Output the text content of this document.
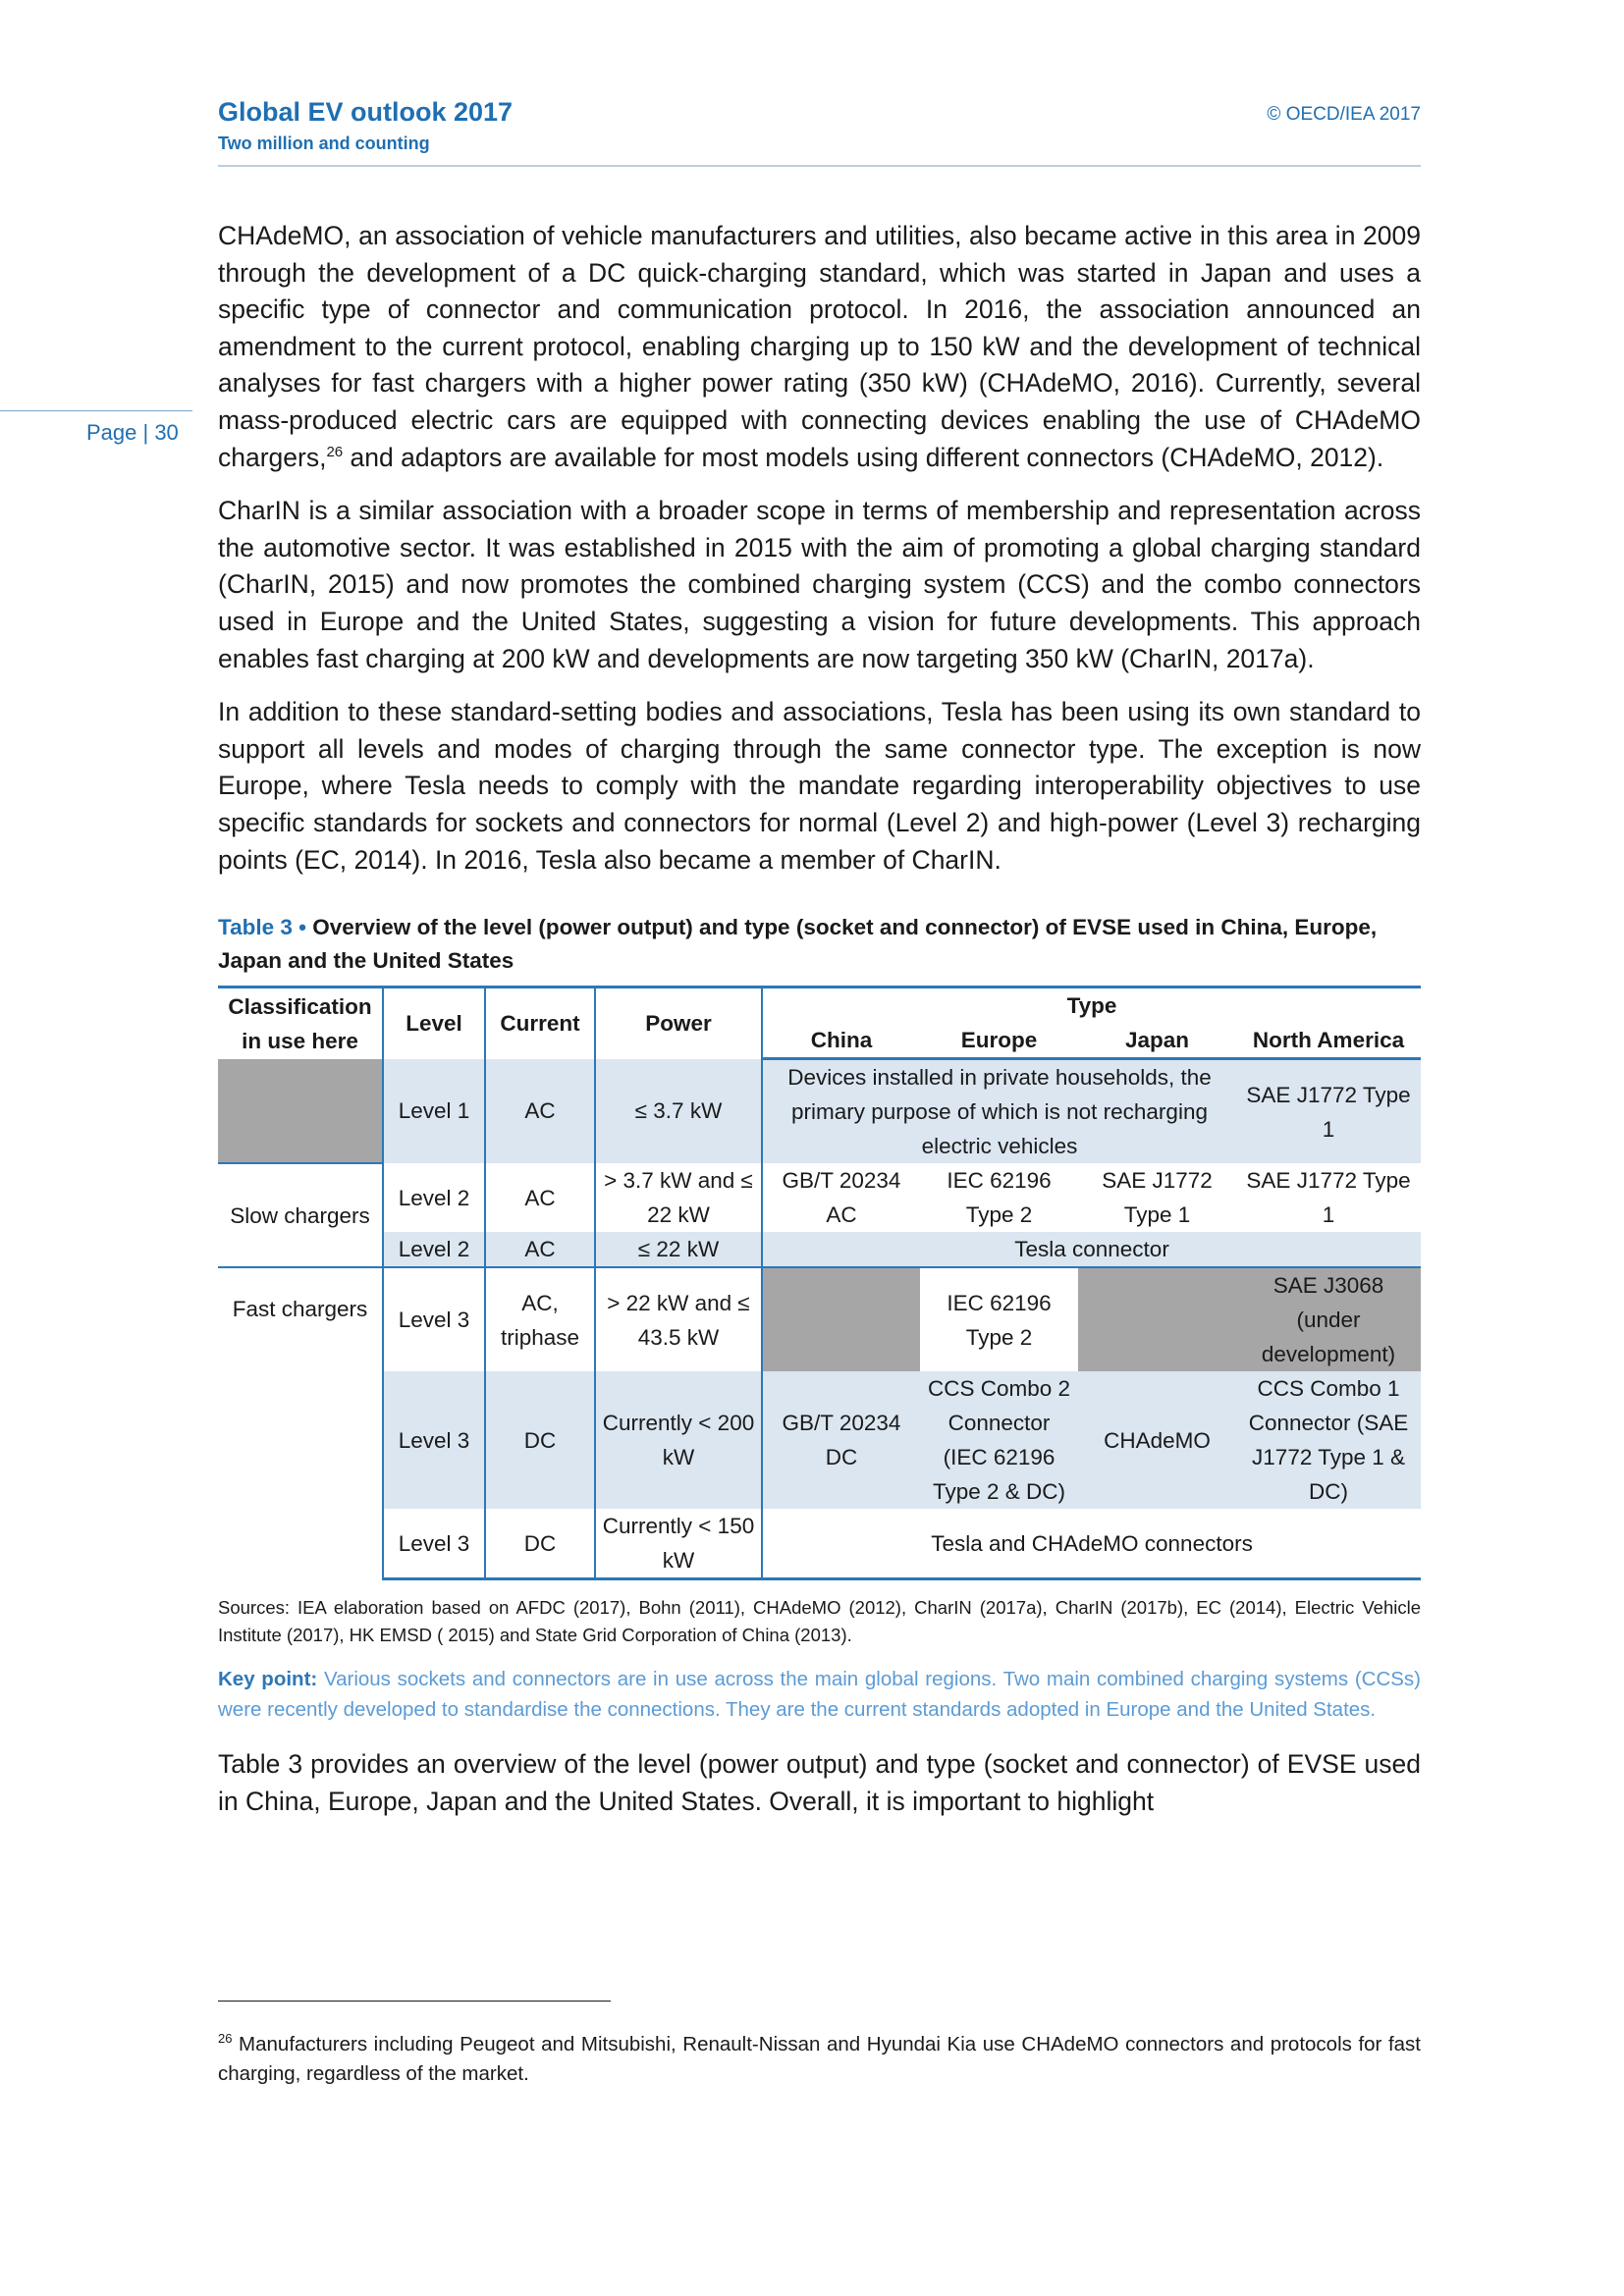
Global EV outlook 2017
Two million and counting
© OECD/IEA 2017
Page | 30

CHAdeMO, an association of vehicle manufacturers and utilities, also became active in this area in 2009 through the development of a DC quick-charging standard, which was started in Japan and uses a specific type of connector and communication protocol. In 2016, the association announced an amendment to the current protocol, enabling charging up to 150 kW and the development of technical analyses for fast chargers with a higher power rating (350 kW) (CHAdeMO, 2016). Currently, several mass-produced electric cars are equipped with connecting devices enabling the use of CHAdeMO chargers,$^{26}$ and adaptors are available for most models using different connectors (CHAdeMO, 2012).

CharIN is a similar association with a broader scope in terms of membership and representation across the automotive sector. It was established in 2015 with the aim of promoting a global charging standard (CharIN, 2015) and now promotes the combined charging system (CCS) and the combo connectors used in Europe and the United States, suggesting a vision for future developments. This approach enables fast charging at 200 kW and developments are now targeting 350 kW (CharIN, 2017a).

In addition to these standard-setting bodies and associations, Tesla has been using its own standard to support all levels and modes of charging through the same connector type. The exception is now Europe, where Tesla needs to comply with the mandate regarding interoperability objectives to use specific standards for sockets and connectors for normal (Level 2) and high-power (Level 3) recharging points (EC, 2014). In 2016, Tesla also became a member of CharIN.

Table 3 • Overview of the level (power output) and type (socket and connector) of EVSE used in China, Europe, Japan and the United States
Classification in use here	Level	Current	Power	Type			
				China	Europe	Japan	North America
	Level 1	AC	≤ 3.7 kW	Devices installed in private households, the primary purpose of which is not recharging electric vehicles			SAE J1772 Type 1
Slow chargers	Level 2	AC	> 3.7 kW and ≤ 22 kW	GB/T 20234 AC	IEC 62196 Type 2	SAE J1772 Type 1	SAE J1772 Type 1
	Level 2	AC	≤ 22 kW	Tesla connector			
Fast chargers	Level 3	AC, triphase	> 22 kW and ≤ 43.5 kW		IEC 62196 Type 2		SAE J3068 (under development)
	Level 3	DC	Currently < 200 kW	GB/T 20234 DC	CCS Combo 2 Connector (IEC 62196 Type 2 & DC)	CHAdeMO	CCS Combo 1 Connector (SAE J1772 Type 1 & DC)
	Level 3	DC	Currently < 150 kW	Tesla and CHAdeMO connectors			
Sources: IEA elaboration based on AFDC (2017), Bohn (2011), CHAdeMO (2012), CharIN (2017a), CharIN (2017b), EC (2014), Electric Vehicle Institute (2017), HK EMSD ( 2015) and State Grid Corporation of China (2013).
Key point: Various sockets and connectors are in use across the main global regions. Two main combined charging systems (CCSs) were recently developed to standardise the connections. They are the current standards adopted in Europe and the United States.

Table 3 provides an overview of the level (power output) and type (socket and connector) of EVSE used in China, Europe, Japan and the United States. Overall, it is important to highlight

$^{26}$ Manufacturers including Peugeot and Mitsubishi, Renault-Nissan and Hyundai Kia use CHAdeMO connectors and protocols for fast charging, regardless of the market.
